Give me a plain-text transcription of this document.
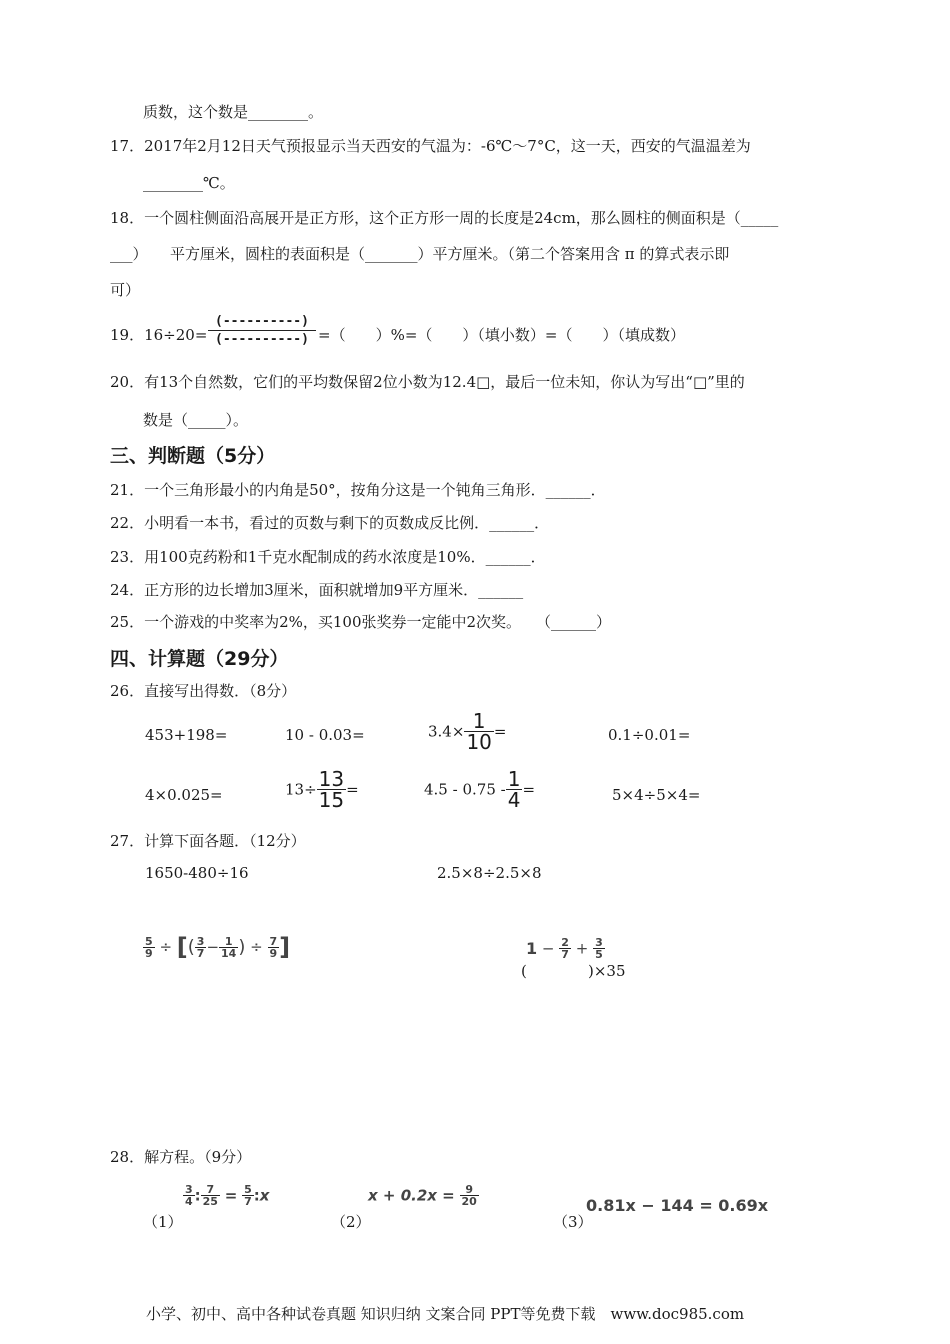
质数，这个数是________。
17．2017年2月12日天气预报显示当天西安的气温为：-6℃～7°C，这一天，西安的气温温差为
________℃。
18．一个圆柱侧面沿高展开是正方形，这个正方形一周的长度是24cm，那么圆柱的侧面积是（_____
___）　　平方厘米，圆柱的表面积是（_______）平方厘米。（第二个答案用含 π 的算式表示即
可）
19．16÷20=
(----------)
(----------) =（　　）%=（　　）（填小数）=（　　）（填成数）
20．有13个自然数，它们的平均数保留2位小数为12.4□，最后一位未知，你认为写出“□”里的
数是（_____）。
三、判断题（5分）
21．一个三角形最小的内角是50°，按角分这是一个钝角三角形．______．
22．小明看一本书，看过的页数与剩下的页数成反比例．______．
23．用100克药粉和1千克水配制成的药水浓度是10%．______．
24．正方形的边长增加3厘米，面积就增加9平方厘米．______
25．一个游戏的中奖率为2%，买100张奖券一定能中2次奖。　　（______）
四、计算题（29分）
26．直接写出得数．（8分）
453+198=	10 - 0.03=	$3.4\times \frac{1}{10}$ =	0.1÷0.01=
4×0.025=	$13\div \frac{13}{15}$ =	$4.5 - 0.75 - \frac{1}{4}$ =	5×4÷5×4=
27．计算下面各题．（12分）
1650-480÷16	2.5×8÷2.5×8
$\frac{5}{9}$ ÷ [( $\frac{3}{7} - \frac{1}{14}$ ) ÷ $\frac{7}{9}$ ]	$1 - \frac{2}{7} + \frac{3}{5}$
(	)×35
28．解方程。（9分）
（1）
$\frac{3}{4}$ : $\frac{7}{25} = \frac{5}{7}$ :x
（2）
$x + 0.2x = \frac{9}{20}$
（3）
0.81x − 144 = 0.69x
小学、初中、高中各种试卷真题 知识归纳 文案合同 PPT等免费下载　www.doc985.com
